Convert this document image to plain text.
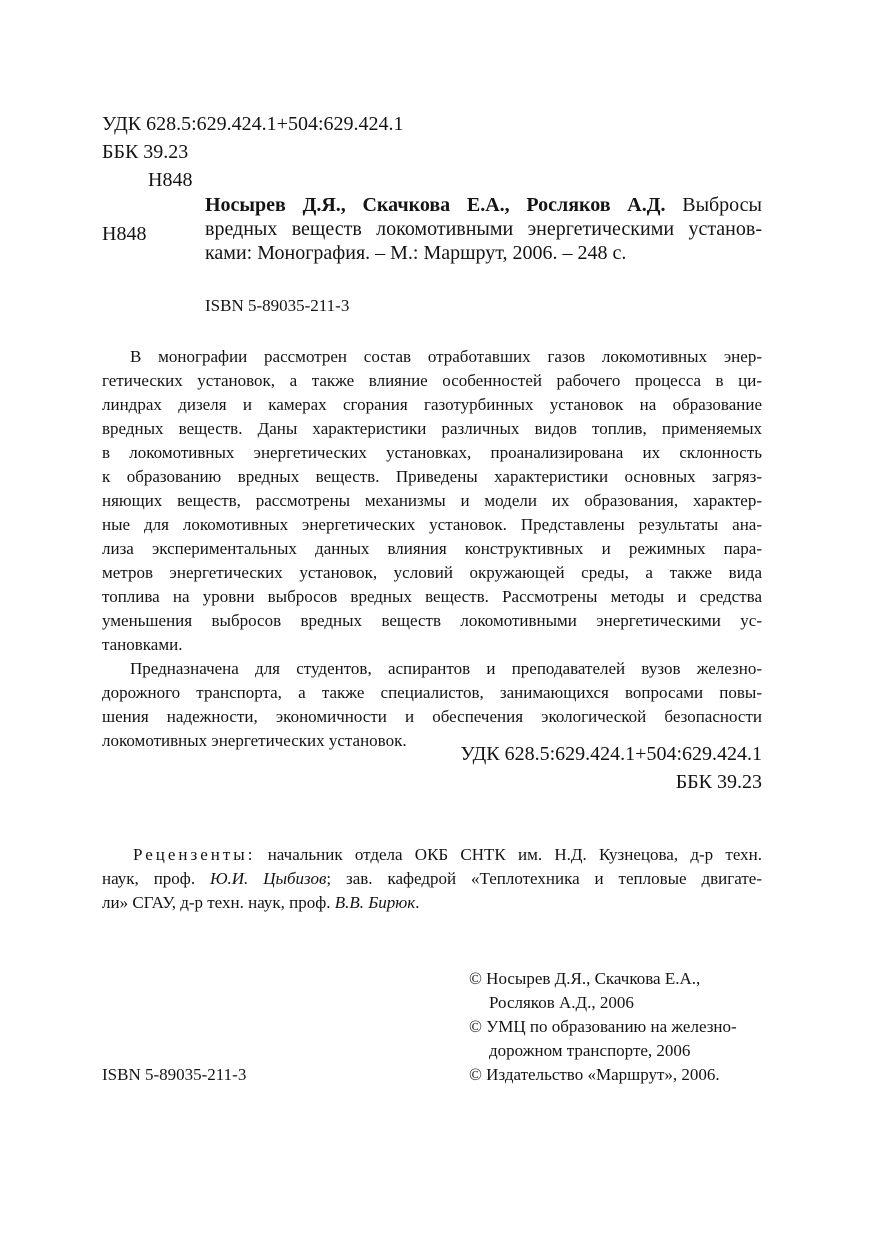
УДК 628.5:629.424.1+504:629.424.1
ББК 39.23
Н848
Н848
Носырев Д.Я., Скачкова Е.А., Росляков А.Д. Выбросы
вредных веществ локомотивными энергетическими установ-
ками: Монография. – М.: Маршрут, 2006. – 248 с.
ISBN 5-89035-211-3
В монографии рассмотрен состав отработавших газов локомотивных энер-
гетических установок, а также влияние особенностей рабочего процесса в ци-
линдрах дизеля и камерах сгорания газотурбинных установок на образование
вредных веществ. Даны характеристики различных видов топлив, применяемых
в локомотивных энергетических установках, проанализирована их склонность
к образованию вредных веществ. Приведены характеристики основных загряз-
няющих веществ, рассмотрены механизмы и модели их образования, характер-
ные для локомотивных энергетических установок. Представлены результаты ана-
лиза экспериментальных данных влияния конструктивных и режимных пара-
метров энергетических установок, условий окружающей среды, а также вида
топлива на уровни выбросов вредных веществ. Рассмотрены методы и средства
уменьшения выбросов вредных веществ локомотивными энергетическими ус-
тановками.
Предназначена для студентов, аспирантов и преподавателей вузов железно-
дорожного транспорта, а также специалистов, занимающихся вопросами повы-
шения надежности, экономичности и обеспечения экологической безопасности
локомотивных энергетических установок.
УДК 628.5:629.424.1+504:629.424.1
ББК 39.23
Рецензенты: начальник отдела ОКБ СНТК им. Н.Д. Кузнецова, д-р техн.
наук, проф. Ю.И. Цыбизов; зав. кафедрой «Теплотехника и тепловые двигате-
ли» СГАУ, д-р техн. наук, проф. В.В. Бирюк.
© Носырев Д.Я., Скачкова Е.А.,
Росляков А.Д., 2006
© УМЦ по образованию на железно-
дорожном транспорте, 2006
© Издательство «Маршрут», 2006.
ISBN 5-89035-211-3
